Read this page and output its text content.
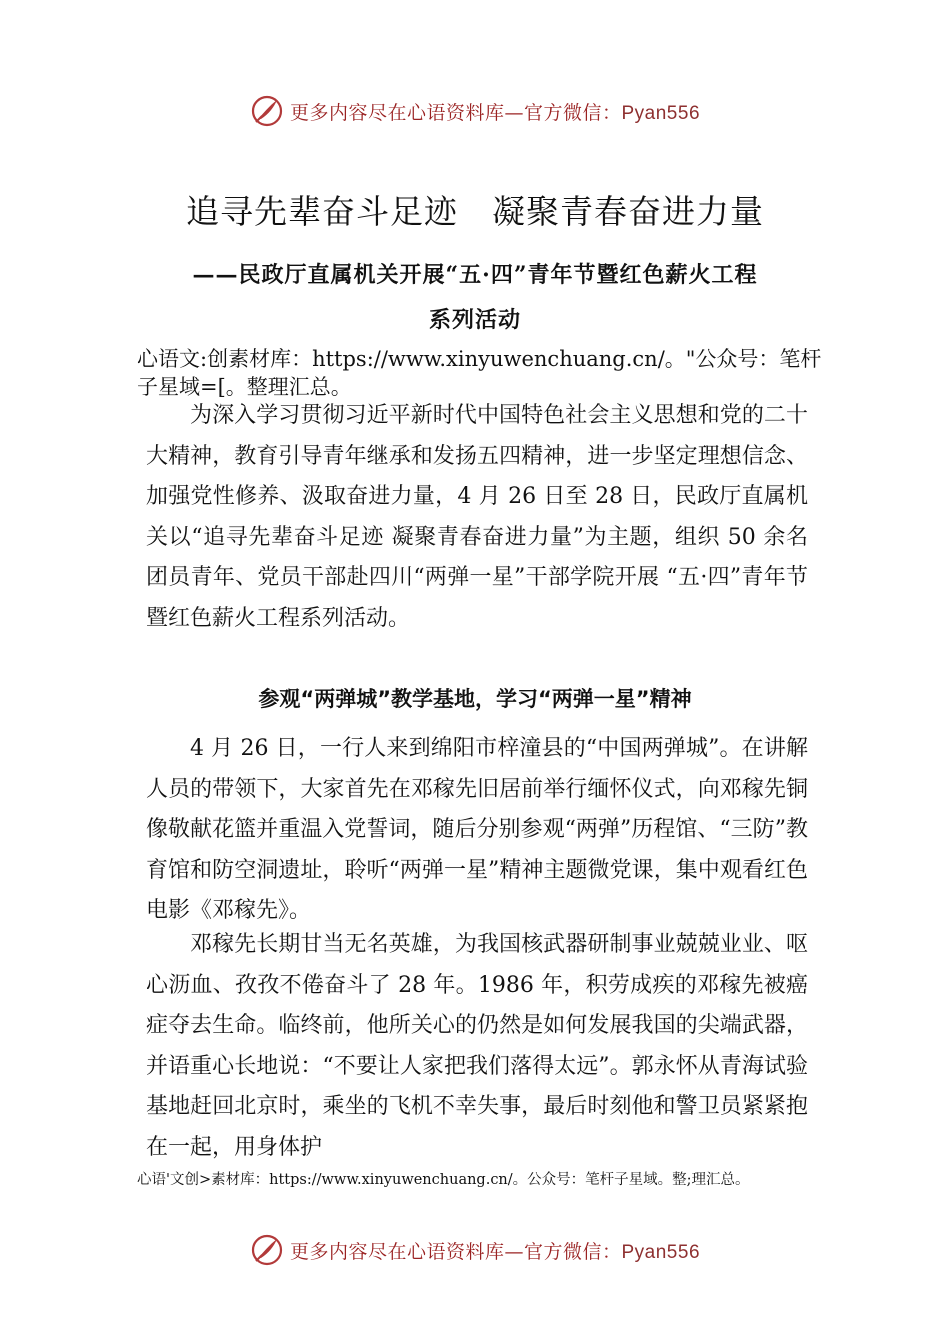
更多内容尽在心语资料库—官方微信：Pyan556
追寻先辈奋斗足迹　凝聚青春奋进力量
——民政厅直属机关开展“五·四”青年节暨红色薪火工程
系列活动
心语文:创素材库：https://www.xinyuwenchuang.cn/。"公众号：笔杆子星域=[。整理汇总。

为深入学习贯彻习近平新时代中国特色社会主义思想和党的二十大精神，教育引导青年继承和发扬五四精神，进一步坚定理想信念、加强党性修养、汲取奋进力量，4 月 26 日至 28 日，民政厅直属机关以“追寻先辈奋斗足迹 凝聚青春奋进力量”为主题，组织 50 余名团员青年、党员干部赴四川“两弹一星”干部学院开展 “五·四”青年节暨红色薪火工程系列活动。

参观“两弹城”教学基地，学习“两弹一星”精神

4 月 26 日，一行人来到绵阳市梓潼县的“中国两弹城”。在讲解人员的带领下，大家首先在邓稼先旧居前举行缅怀仪式，向邓稼先铜像敬献花篮并重温入党誓词，随后分别参观“两弹”历程馆、“三防”教育馆和防空洞遗址，聆听“两弹一星”精神主题微党课，集中观看红色电影《邓稼先》。

邓稼先长期甘当无名英雄，为我国核武器研制事业兢兢业业、呕心沥血、孜孜不倦奋斗了 28 年。1986 年，积劳成疾的邓稼先被癌症夺去生命。临终前，他所关心的仍然是如何发展我国的尖端武器，并语重心长地说：“不要让人家把我们落得太远”。郭永怀从青海试验基地赶回北京时，乘坐的飞机不幸失事，最后时刻他和警卫员紧紧抱在一起，用身体护

心语'文创>素材库：https://www.xinyuwenchuang.cn/。公众号：笔杆子星域。整;理汇总。
更多内容尽在心语资料库—官方微信：Pyan556
